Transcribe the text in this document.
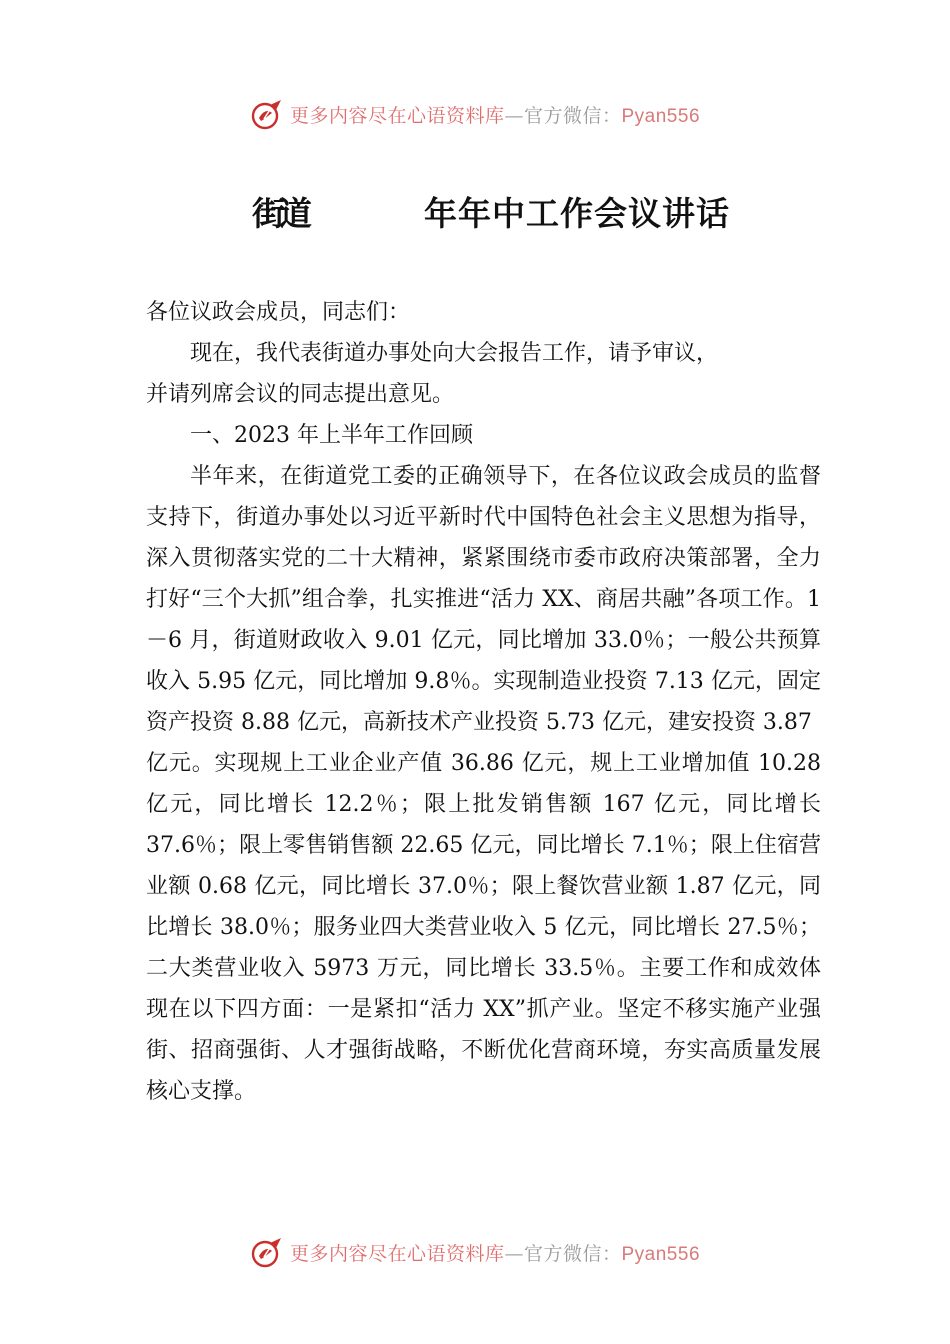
更多内容尽在心语资料库—官方微信：Pyan556
街道	年年中工作会议讲话

各位议政会成员，同志们：

现在，我代表街道办事处向大会报告工作，请予审议，

并请列席会议的同志提出意见。

一、2023 年上半年工作回顾

半年来，在街道党工委的正确领导下，在各位议政会成员的监督支持下，街道办事处以习近平新时代中国特色社会主义思想为指导，深入贯彻落实党的二十大精神，紧紧围绕市委市政府决策部署，全力打好“三个大抓”组合拳，扎实推进“活力 XX、商居共融”各项工作。1－6 月，街道财政收入 9.01 亿元，同比增加 33.0％；一般公共预算收入 5.95 亿元，同比增加 9.8％。实现制造业投资 7.13 亿元，固定资产投资 8.88 亿元，高新技术产业投资 5.73 亿元，建安投资 3.87

亿元。实现规上工业企业产值 36.86 亿元，规上工业增加值 10.28 亿元，同比增长 12.2％；限上批发销售额 167 亿元，同比增长 37.6％；限上零售销售额 22.65 亿元，同比增长 7.1％；限上住宿营业额 0.68 亿元，同比增长 37.0％；限上餐饮营业额 1.87 亿元，同比增长 38.0％；服务业四大类营业收入 5 亿元，同比增长 27.5％；二大类营业收入 5973 万元，同比增长 33.5％。主要工作和成效体现在以下四方面：一是紧扣“活力 XX”抓产业。坚定不移实施产业强街、招商强街、人才强街战略，不断优化营商环境，夯实高质量发展核心支撑。

更多内容尽在心语资料库—官方微信：Pyan556
